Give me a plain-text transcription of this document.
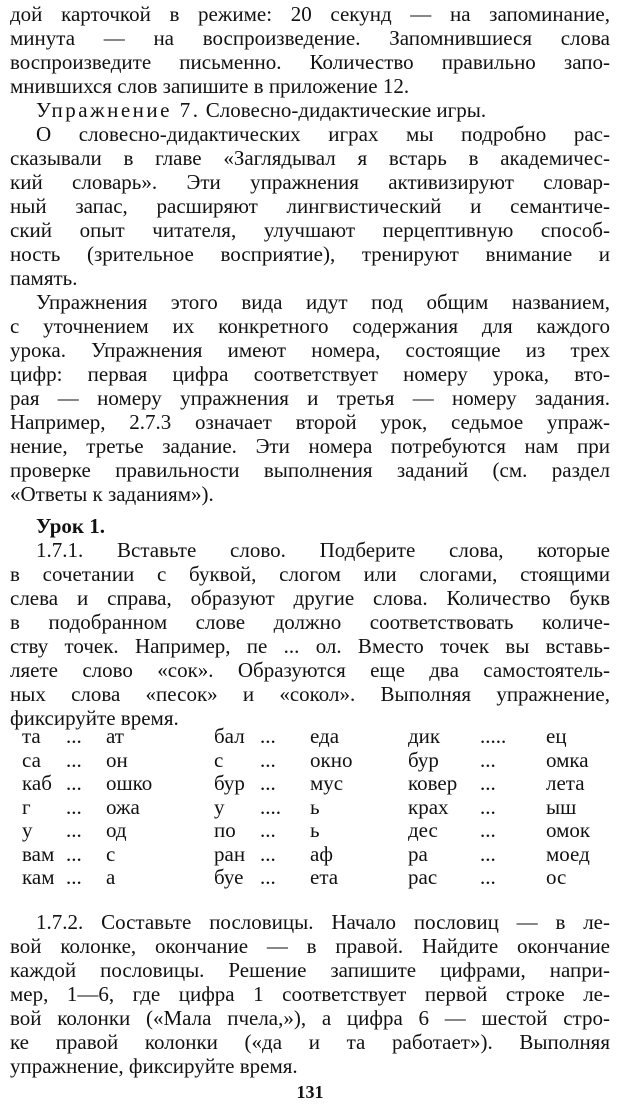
дой карточкой в режиме: 20 секунд — на запоминание,
минута — на воспроизведение. Запомнившиеся слова
воспроизведите письменно. Количество правильно запо-
мнившихся слов запишите в приложение 12.
Упражнение 7. Словесно-дидактические игры.
О словесно-дидактических играх мы подробно рас-
сказывали в главе «Заглядывал я встарь в академичес-
кий словарь». Эти упражнения активизируют словар-
ный запас, расширяют лингвистический и семантиче-
ский опыт читателя, улучшают перцептивную способ-
ность (зрительное восприятие), тренируют внимание и
память.
Упражнения этого вида идут под общим названием,
с уточнением их конкретного содержания для каждого
урока. Упражнения имеют номера, состоящие из трех
цифр: первая цифра соответствует номеру урока, вто-
рая — номеру упражнения и третья — номеру задания.
Например, 2.7.3 означает второй урок, седьмое упраж-
нение, третье задание. Эти номера потребуются нам при
проверке правильности выполнения заданий (см. раздел
«Ответы к заданиям»).
Урок 1.
1.7.1. Вставьте слово. Подберите слова, которые
в сочетании с буквой, слогом или слогами, стоящими
слева и справа, образуют другие слова. Количество букв
в подобранном слове должно соответствовать количе-
ству точек. Например, пе ... ол. Вместо точек вы вставь-
ляете слово «сок». Образуются еще два самостоятель-
ных слова «песок» и «сокол». Выполняя упражнение,
фиксируйте время.
та ... ат	бал ... еда	дик ..... ец
са ... он	с ... окно	бур ... омка
каб ... ошко	бур ... мус	ковер ... лета
г ... ожа	у .... ь	крах ... ыш
у ... од	по ... ь	дес ... омок
вам ... с	ран ... аф	ра ... моед
кам ... а	буе ... ета	рас ... ос
1.7.2. Составьте пословицы. Начало пословиц — в ле-
вой колонке, окончание — в правой. Найдите окончание
каждой пословицы. Решение запишите цифрами, напри-
мер, 1—6, где цифра 1 соответствует первой строке ле-
вой колонки («Мала пчела,»), а цифра 6 — шестой стро-
ке правой колонки («да и та работает»). Выполняя
упражнение, фиксируйте время.
131
